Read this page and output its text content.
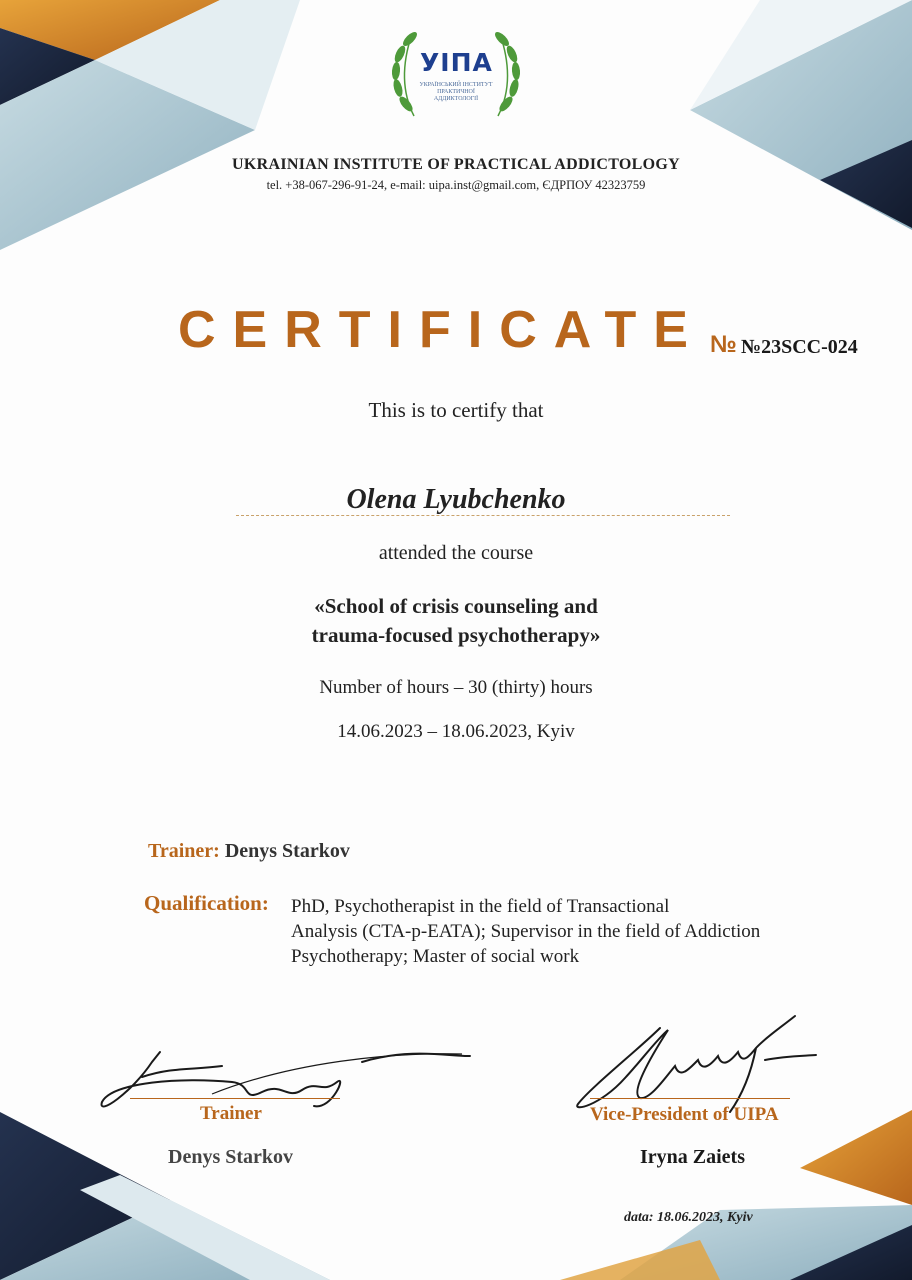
УІПА
УКРАЇНСЬКИЙ ІНСТИТУТ ПРАКТИЧНОЇ АДДИКТОЛОГІЇ
UKRAINIAN INSTITUTE OF PRACTICAL ADDICTOLOGY
tel. +38-067-296-91-24, e-mail: uipa.inst@gmail.com, ЄДРПОУ 42323759
CERTIFICATE № №23SCC-024
This is to certify that
Olena Lyubchenko
attended the course
«School of crisis counseling and
trauma-focused psychotherapy»
Number of hours – 30 (thirty) hours
14.06.2023 – 18.06.2023, Kyiv
Trainer: Denys Starkov
Qualification: PhD, Psychotherapist in the field of Transactional
Analysis (CTA-p-EATA); Supervisor in the field of Addiction
Psychotherapy; Master of social work
Trainer
Denys Starkov
Vice-President of UIPA
Iryna Zaiets
data: 18.06.2023, Kyiv
